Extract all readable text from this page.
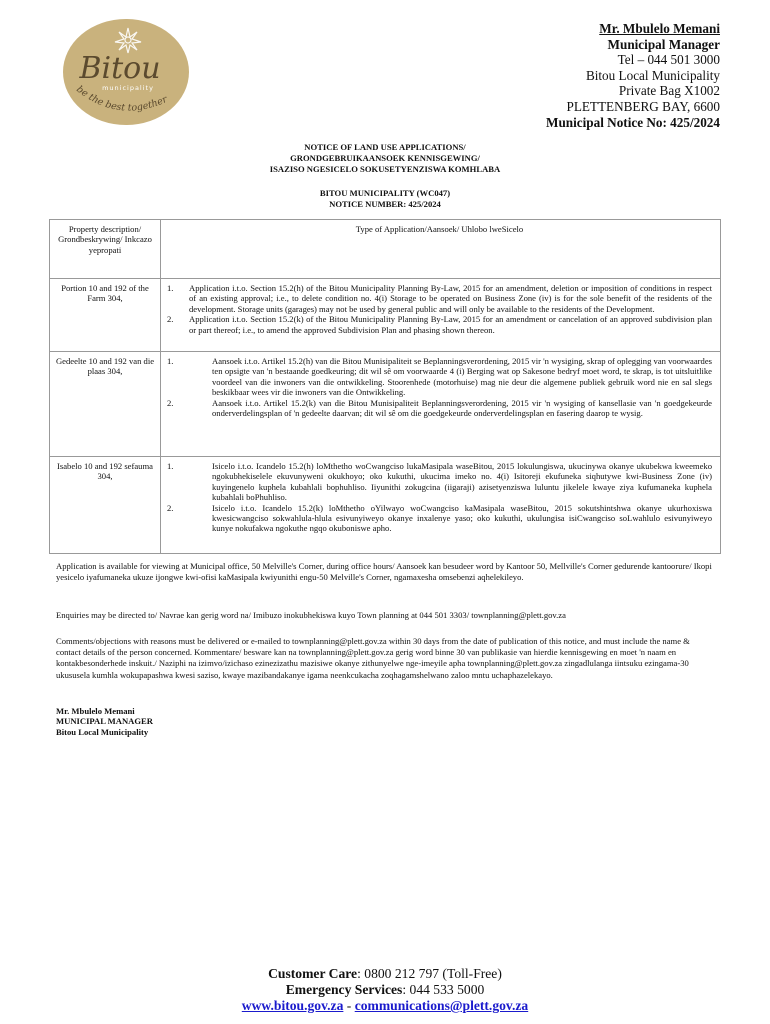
Bitou
municipality
be the best together
Mr. Mbulelo Memani
Municipal Manager
Tel – 044 501 3000
Bitou Local Municipality
Private Bag X1002
PLETTENBERG BAY, 6600
Municipal Notice No: 425/2024
NOTICE OF LAND USE APPLICATIONS/
GRONDGEBRUIKAANSOEK KENNISGEWING/
ISAZISO NGESICELO SOKUSETYENZISWA KOMHLABA
BITOU MUNICIPALITY (WC047)
NOTICE NUMBER: 425/2024
Property description/ Grondbeskrywing/ Inkcazo yepropati	Type of Application/Aansoek/ Uhlobo lweSicelo
Portion 10 and 192 of the Farm 304,	1. Application i.t.o. Section 15.2(h) of the Bitou Municipality Planning By-Law, 2015 for an amendment, deletion or imposition of conditions in respect of an existing approval; i.e., to delete condition no. 4(i) Storage to be operated on Business Zone (iv) is for the sole benefit of the residents of the development. Storage units (garages) may not be used by general public and will only be available to the residents of the Development.
2. Application i.t.o. Section 15.2(k) of the Bitou Municipality Planning By-Law, 2015 for an amendment or cancelation of an approved subdivision plan or part thereof; i.e., to amend the approved Subdivision Plan and phasing shown thereon.

Gedeelte 10 and 192 van die plaas 304,	1. Aansoek i.t.o. Artikel 15.2(h) van die Bitou Munisipaliteit se Beplanningsverordening, 2015 vir 'n wysiging, skrap of oplegging van voorwaardes ten opsigte van 'n bestaande goedkeuring; dit wil sê om voorwaarde 4 (i) Berging wat op Sakesone bedryf moet word, te skrap, is tot uitsluitlike voordeel van die inwoners van die ontwikkeling. Stoorenhede (motorhuise) mag nie deur die algemene publiek gebruik word nie en sal slegs beskikbaar wees vir die inwoners van die Ontwikkeling.
2. Aansoek i.t.o. Artikel 15.2(k) van die Bitou Munisipaliteit Beplanningsverordening, 2015 vir 'n wysiging of kansellasie van 'n goedgekeurde onderverdelingsplan of 'n gedeelte daarvan; dit wil sê om die goedgekeurde onderverdelingsplan en fasering daarop te wysig.

Isabelo 10 and 192 sefauma 304,	1. Isicelo i.t.o. Icandelo 15.2(h) loMthetho woCwangciso lukaMasipala waseBitou, 2015 lokulungiswa, ukucinywa okanye ukubekwa kweemeko ngokubhekiselele ekuvunyweni okukhoyo; oko kukuthi, ukucima imeko no. 4(i) Isitoreji ekufuneka siqhutywe kwi-Business Zone (iv) kuyingenelo kuphela kubahlali bophuhliso. Iiyunithi zokugcina (iigaraji) azisetyenziswa luluntu jikelele kwaye ziya kufumaneka kuphela kubahlali boPhuhliso.
2. Isicelo i.t.o. Icandelo 15.2(k) loMthetho oYilwayo woCwangciso kaMasipala waseBitou, 2015 sokutshintshwa okanye ukurhoxiswa kwesicwangciso sokwahlula-hlula esivunyiweyo okanye inxalenye yaso; oko kukuthi, ukulungisa isiCwangciso soLwahlulo esivunyiweyo kunye nokufakwa ngokuthe ngqo okuboniswe apho.
Application is available for viewing at Municipal office, 50 Melville's Corner, during office hours/ Aansoek kan besudeer word by Kantoor 50, Mellville's Corner gedurende kantoorure/ Ikopi yesicelo iyafumaneka ukuze ijongwe kwi-ofisi kaMasipala kwiyunithi engu-50 Melville's Corner, ngamaxesha omsebenzi aqhelekileyo.
Enquiries may be directed to/ Navrae kan gerig word na/ Imibuzo inokubhekiswa kuyo Town planning at 044 501 3303/ townplanning@plett.gov.za
Comments/objections with reasons must be delivered or e-mailed to townplanning@plett.gov.za within 30 days from the date of publication of this notice, and must include the name & contact details of the person concerned. Kommentare/ besware kan na townplanning@plett.gov.za gerig word binne 30 van publikasie van hierdie kennisgewing en moet 'n naam en kontakbesonderhede inskuit./ Naziphi na izimvo/izichaso ezinezizathu mazisiwe okanye zithunyelwe nge-imeyile apha townplanning@plett.gov.za zingadlulanga iintsuku ezingama-30 ukususela kumhla wokupapashwa kwesi saziso, kwaye mazibandakanye igama neenkcukacha zoqhagamshelwano zaloo mntu uchaphazelekayo.
Mr. Mbulelo Memani
MUNICIPAL MANAGER
Bitou Local Municipality
Customer Care: 0800 212 797 (Toll-Free)
Emergency Services: 044 533 5000
www.bitou.gov.za - communications@plett.gov.za
